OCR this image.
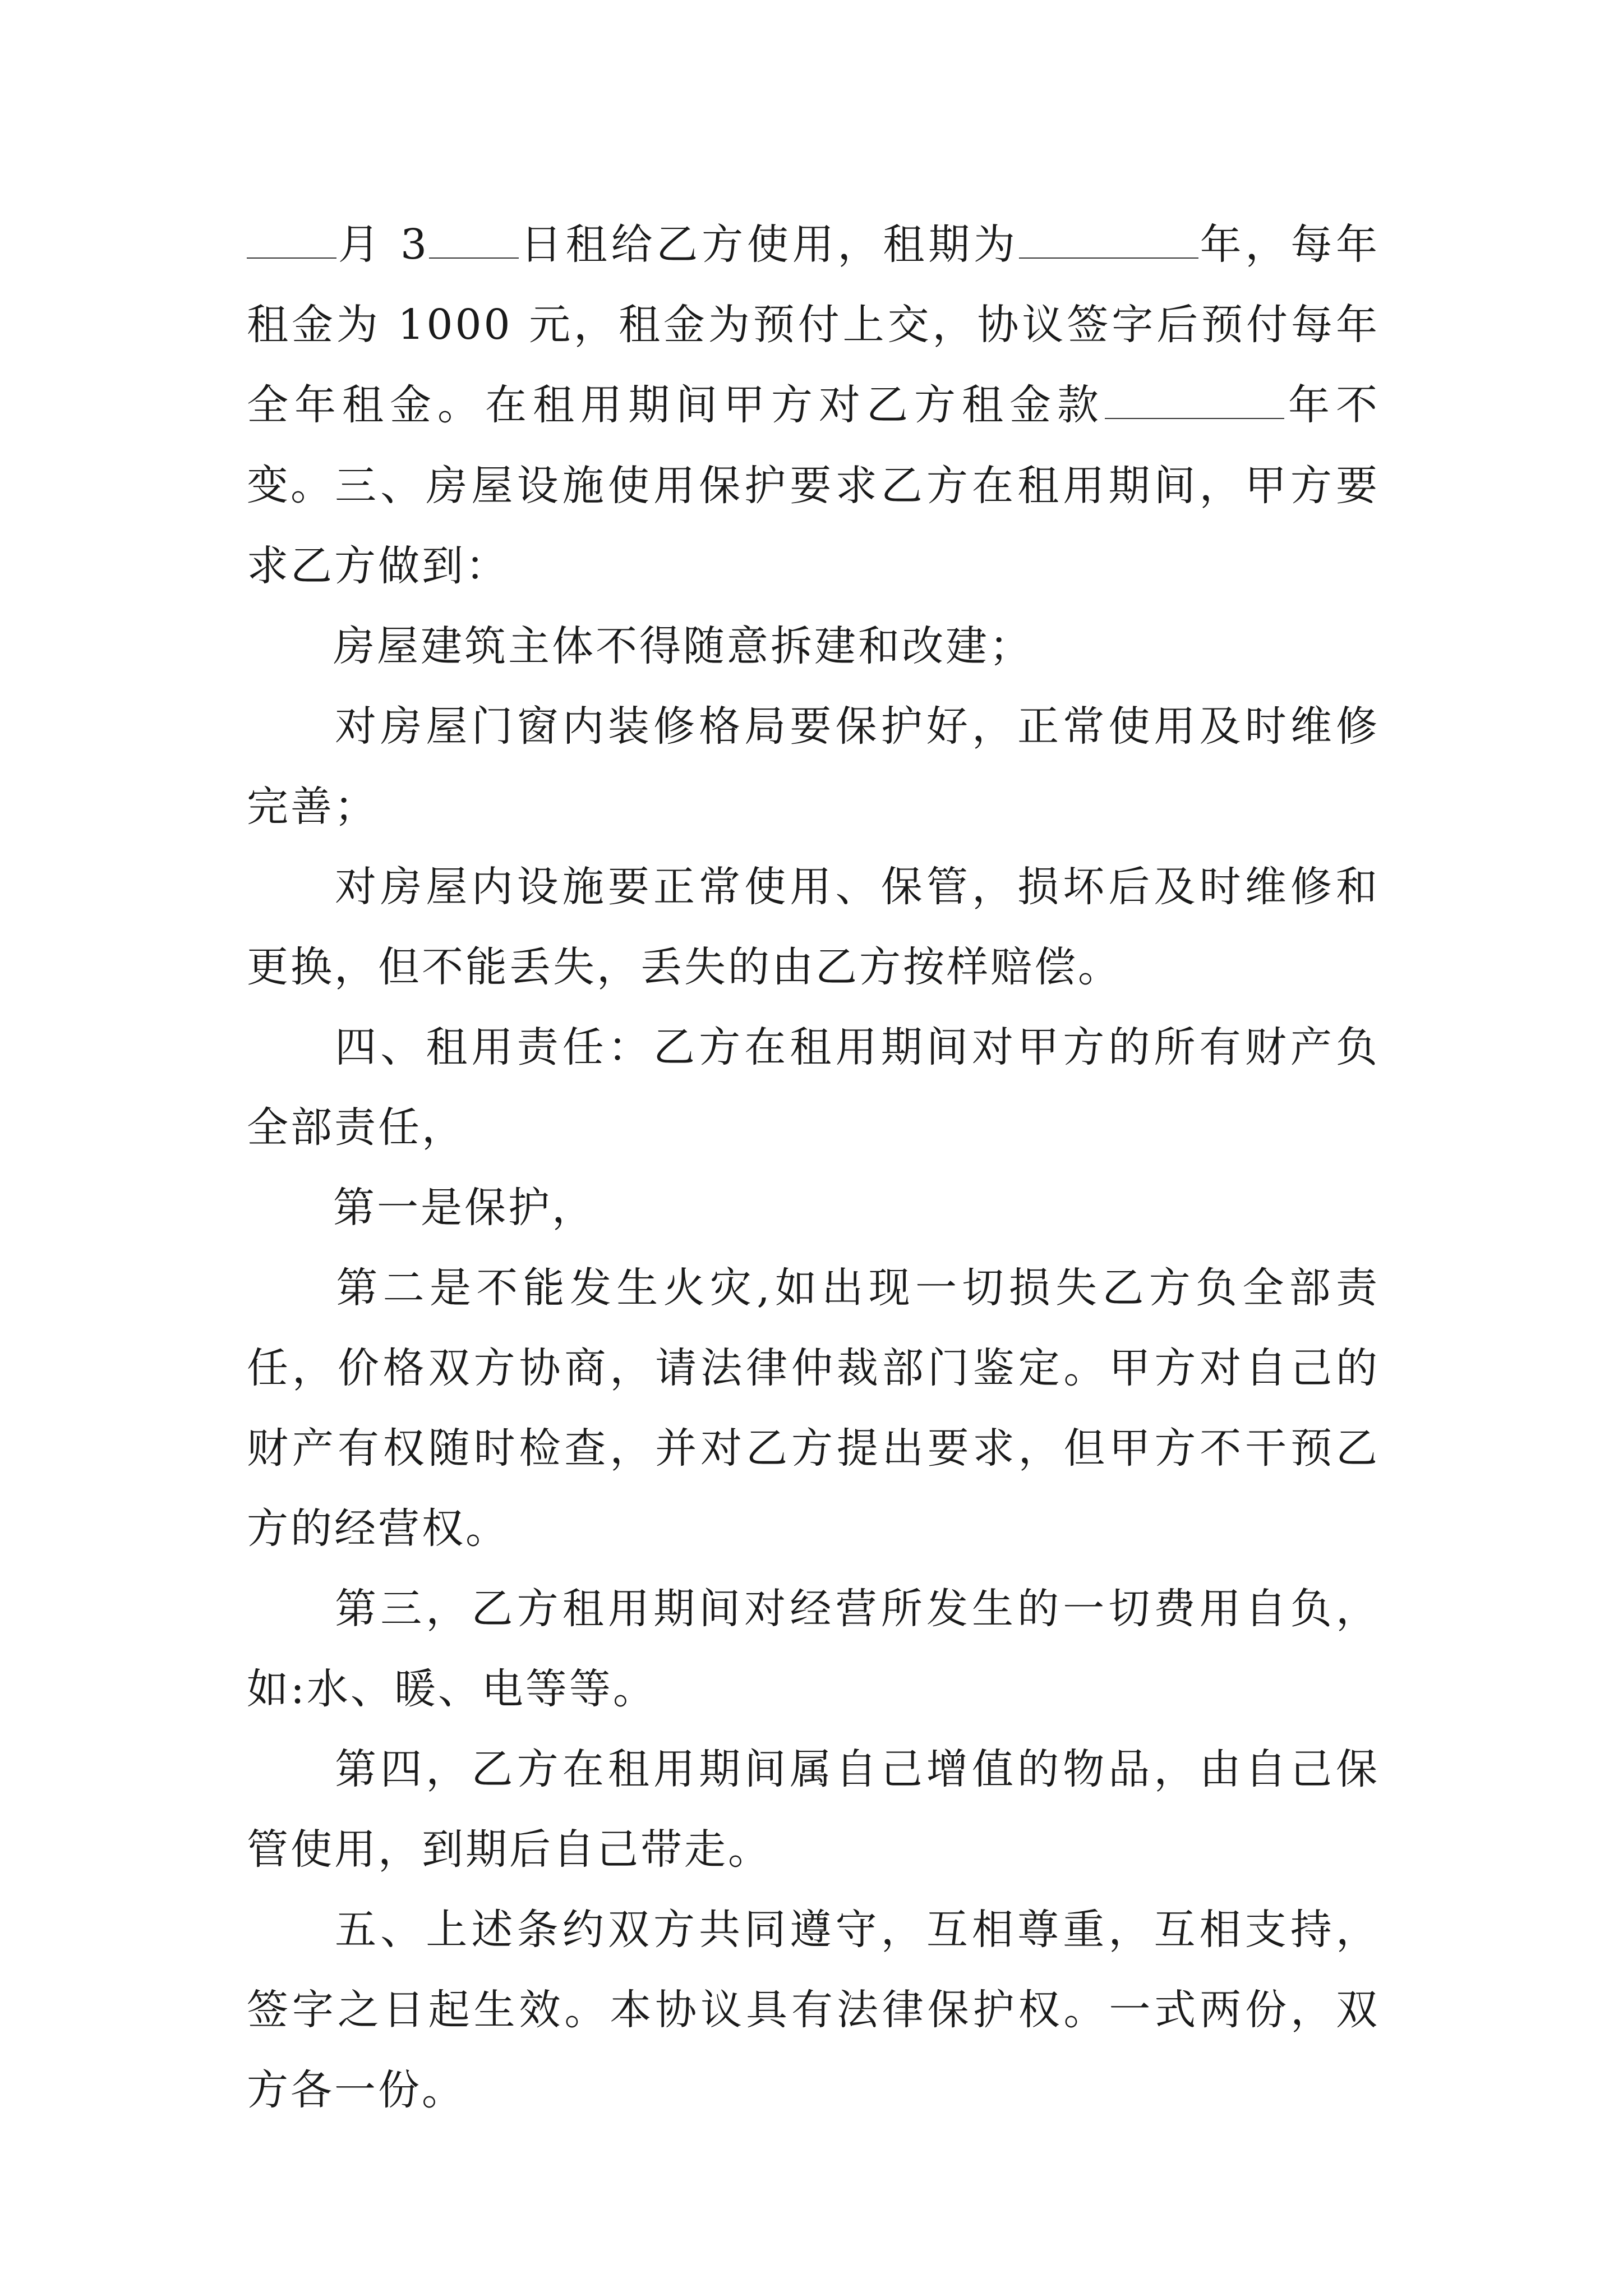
月 3 日租给乙方使用，租期为	年，每年租金为 1000 元，租金为预付上交，协议签字后预付每年全年租金。在租用期间甲方对乙方租金款	年不变。

三、房屋设施使用保护要求乙方在租用期间，甲方要求乙方做到：

房屋建筑主体不得随意拆建和改建；

对房屋门窗内装修格局要保护好，正常使用及时维修完善；

对房屋内设施要正常使用、保管，损坏后及时维修和更换，但不能丢失，丢失的由乙方按样赔偿。

四、租用责任：乙方在租用期间对甲方的所有财产负全部责任，

第一是保护，

第二是不能发生火灾,如出现一切损失乙方负全部责任，价格双方协商，请法律仲裁部门鉴定。甲方对自己的财产有权随时检查，并对乙方提出要求，但甲方不干预乙方的经营权。

第三，乙方租用期间对经营所发生的一切费用自负，如:水、暖、电等等。

第四，乙方在租用期间属自己增值的物品，由自己保管使用，到期后自己带走。

五、上述条约双方共同遵守，互相尊重，互相支持，签字之日起生效。本协议具有法律保护权。一式两份，双方各一份。
